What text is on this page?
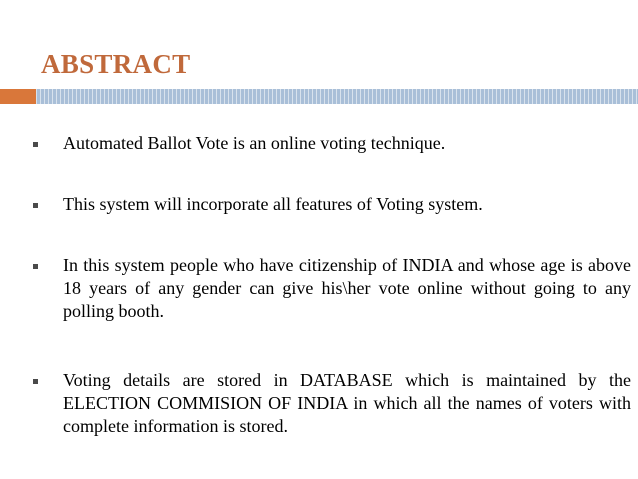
ABSTRACT
Automated Ballot Vote is an online voting technique.
This system will incorporate all features of Voting system.
In this system people who have citizenship of INDIA and whose age is above 18 years of any gender can give his\her vote online without going to any polling booth.
Voting details are stored in DATABASE which is maintained by the ELECTION COMMISION OF INDIA in which all the names of voters with complete information is stored.
